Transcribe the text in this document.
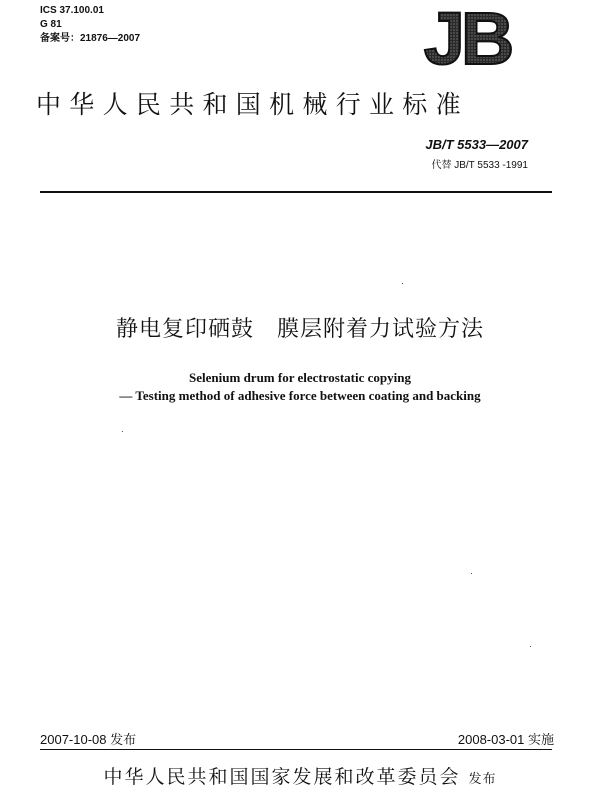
ICS 37.100.01
G 81
备案号：21876—2007	JB
中华人民共和国机械行业标准
JB/T 5533—2007
代替 JB/T 5533 -1991
静电复印硒鼓　膜层附着力试验方法
Selenium drum for electrostatic copying
— Testing method of adhesive force between coating and backing
2007-10-08 发布	2008-03-01 实施
中华人民共和国国家发展和改革委员会 发布
